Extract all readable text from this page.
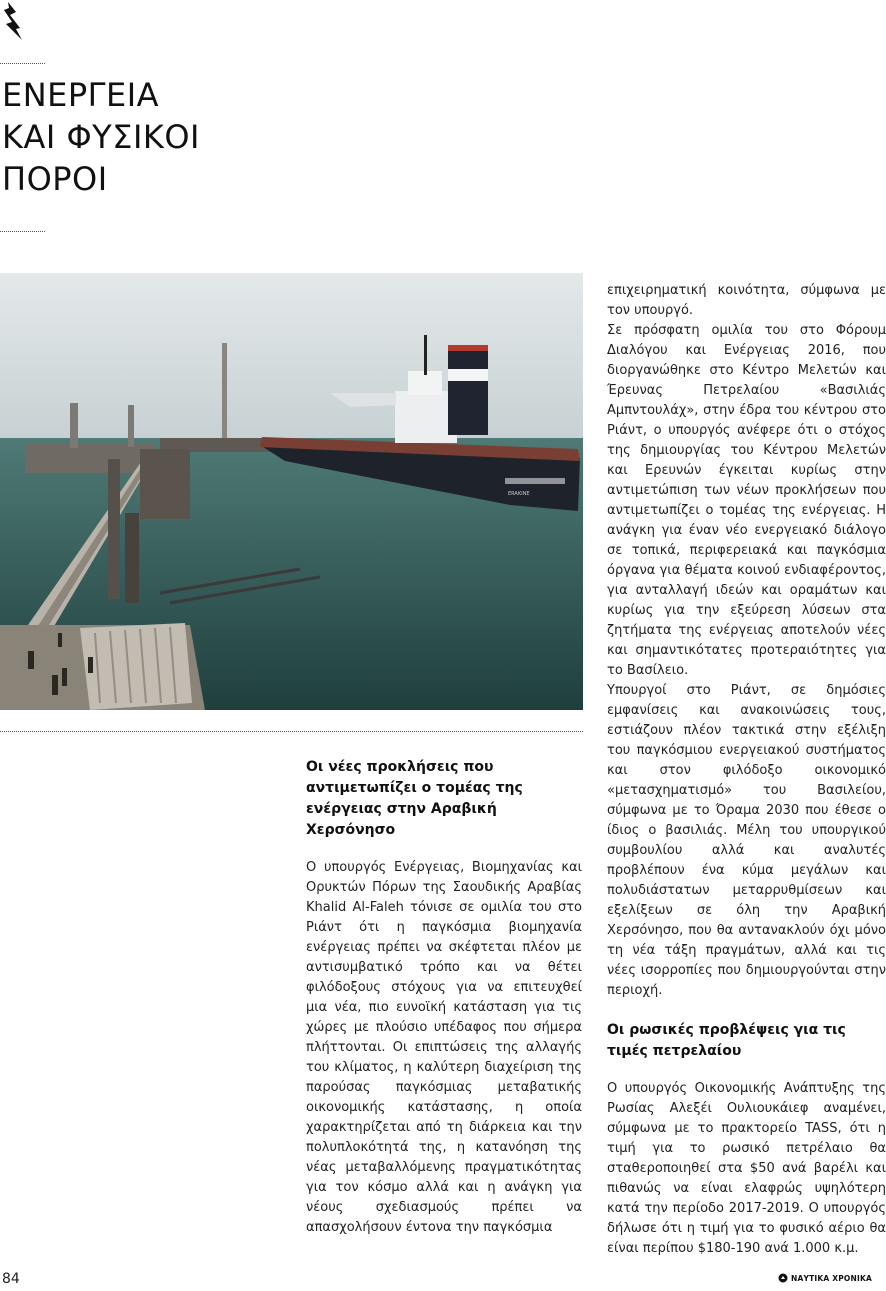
ΕΝΕΡΓΕΙΑ
ΚΑΙ ΦΥΣΙΚΟΙ
ΠΟΡΟΙ
ERAKINE

Οι νέες προκλήσεις που αντιμετωπίζει ο τομέας της ενέργειας στην Αραβική Χερσόνησο

Ο υπουργός Ενέργειας, Βιομηχανίας και Ορυκτών Πόρων της Σαουδικής Αραβίας Khalid Al-Faleh τόνισε σε ομιλία του στο Ριάντ ότι η παγκόσμια βιομηχανία ενέργειας πρέπει να σκέφτεται πλέον με αντισυμβατικό τρόπο και να θέτει φιλόδοξους στόχους για να επιτευχθεί μια νέα, πιο ευνοϊκή κατάσταση για τις χώρες με πλούσιο υπέδαφος που σήμερα πλήττονται. Οι επιπτώσεις της αλλαγής του κλίματος, η καλύτερη διαχείριση της παρούσας παγκόσμιας μεταβατικής οικονομικής κατάστασης, η οποία χαρακτηρίζεται από τη διάρκεια και την πολυπλοκότητά της, η κατανόηση της νέας μεταβαλλόμενης πραγματικότητας για τον κόσμο αλλά και η ανάγκη για νέους σχεδιασμούς πρέπει να απασχολήσουν έντονα την παγκόσμια

επιχειρηματική κοινότητα, σύμφωνα με τον υπουργό.

Σε πρόσφατη ομιλία του στο Φόρουμ Διαλόγου και Ενέργειας 2016, που διοργανώθηκε στο Κέντρο Μελετών και Έρευνας Πετρελαίου «Βασιλιάς Αμπντουλάχ», στην έδρα του κέντρου στο Ριάντ, ο υπουργός ανέφερε ότι ο στόχος της δημιουργίας του Κέντρου Μελετών και Ερευνών έγκειται κυρίως στην αντιμετώπιση των νέων προκλήσεων που αντιμετωπίζει ο τομέας της ενέργειας. Η ανάγκη για έναν νέο ενεργειακό διάλογο σε τοπικά, περιφερειακά και παγκόσμια όργανα για θέματα κοινού ενδιαφέροντος, για ανταλλαγή ιδεών και οραμάτων και κυρίως για την εξεύρεση λύσεων στα ζητήματα της ενέργειας αποτελούν νέες και σημαντικότατες προτεραιότητες για το Βασίλειο.

Υπουργοί στο Ριάντ, σε δημόσιες εμφανίσεις και ανακοινώσεις τους, εστιάζουν πλέον τακτικά στην εξέλιξη του παγκόσμιου ενεργειακού συστήματος και στον φιλόδοξο οικονομικό «μετασχηματισμό» του Βασιλείου, σύμφωνα με το Όραμα 2030 που έθεσε ο ίδιος ο βασιλιάς. Μέλη του υπουργικού συμβουλίου αλλά και αναλυτές προβλέπουν ένα κύμα μεγάλων και πολυδιάστατων μεταρρυθμίσεων και εξελίξεων σε όλη την Αραβική Χερσόνησο, που θα αντανακλούν όχι μόνο τη νέα τάξη πραγμάτων, αλλά και τις νέες ισορροπίες που δημιουργούνται στην περιοχή.

Οι ρωσικές προβλέψεις για τις τιμές πετρελαίου

Ο υπουργός Οικονομικής Ανάπτυξης της Ρωσίας Αλεξέι Ουλιουκάιεφ αναμένει, σύμφωνα με το πρακτορείο TASS, ότι η τιμή για το ρωσικό πετρέλαιο θα σταθεροποιηθεί στα $50 ανά βαρέλι και πιθανώς να είναι ελαφρώς υψηλότερη κατά την περίοδο 2017-2019. Ο υπουργός δήλωσε ότι η τιμή για το φυσικό αέριο θα είναι περίπου $180-190 ανά 1.000 κ.μ.

84	ΝΑΥΤΙΚΑ ΧΡΟΝΙΚΑ
